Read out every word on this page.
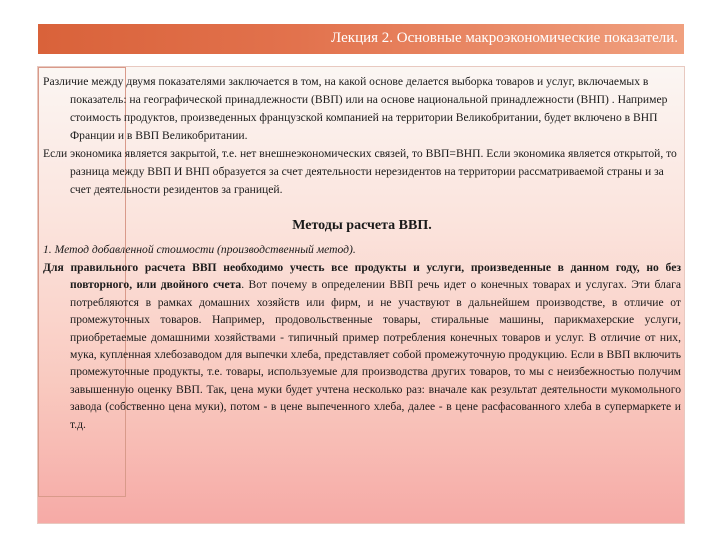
Лекция 2. Основные макроэкономические показатели.

Различие между двумя показателями заключается в том, на какой основе делается выборка товаров и услуг, включаемых в показатель: на географической принадлежности (ВВП) или на основе национальной принадлежности (ВНП) . Например стоимость продуктов, произведенных французской компанией на территории Великобритании, будет включено в ВНП Франции и в ВВП Великобритании.

Если экономика является закрытой, т.е. нет внешнеэкономических связей, то ВВП=ВНП. Если экономика является открытой, то разница между ВВП И ВНП образуется за счет деятельности нерезидентов на территории рассматриваемой страны и за счет деятельности резидентов за границей.

Методы расчета ВВП.

1. Метод добавленной стоимости (производственный метод).

Для правильного расчета ВВП необходимо учесть все продукты и услуги, произведенные в данном году, но без повторного, или двойного счета. Вот почему в определении ВВП речь идет о конечных товарах и услугах. Эти блага потребляются в рамках домашних хозяйств или фирм, и не участвуют в дальнейшем производстве, в отличие от промежуточных товаров. Например, продовольственные товары, стиральные машины, парикмахерские услуги, приобретаемые домашними хозяйствами - типичный пример потребления конечных товаров и услуг. В отличие от них, мука, купленная хлебозаводом для выпечки хлеба, представляет собой промежуточную продукцию. Если в ВВП включить промежуточные продукты, т.е. товары, используемые для производства других товаров, то мы с неизбежностью получим завышенную оценку ВВП. Так, цена муки будет учтена несколько раз: вначале как результат деятельности мукомольного завода (собственно цена муки), потом - в цене выпеченного хлеба, далее - в цене расфасованного хлеба в супермаркете и т.д.
